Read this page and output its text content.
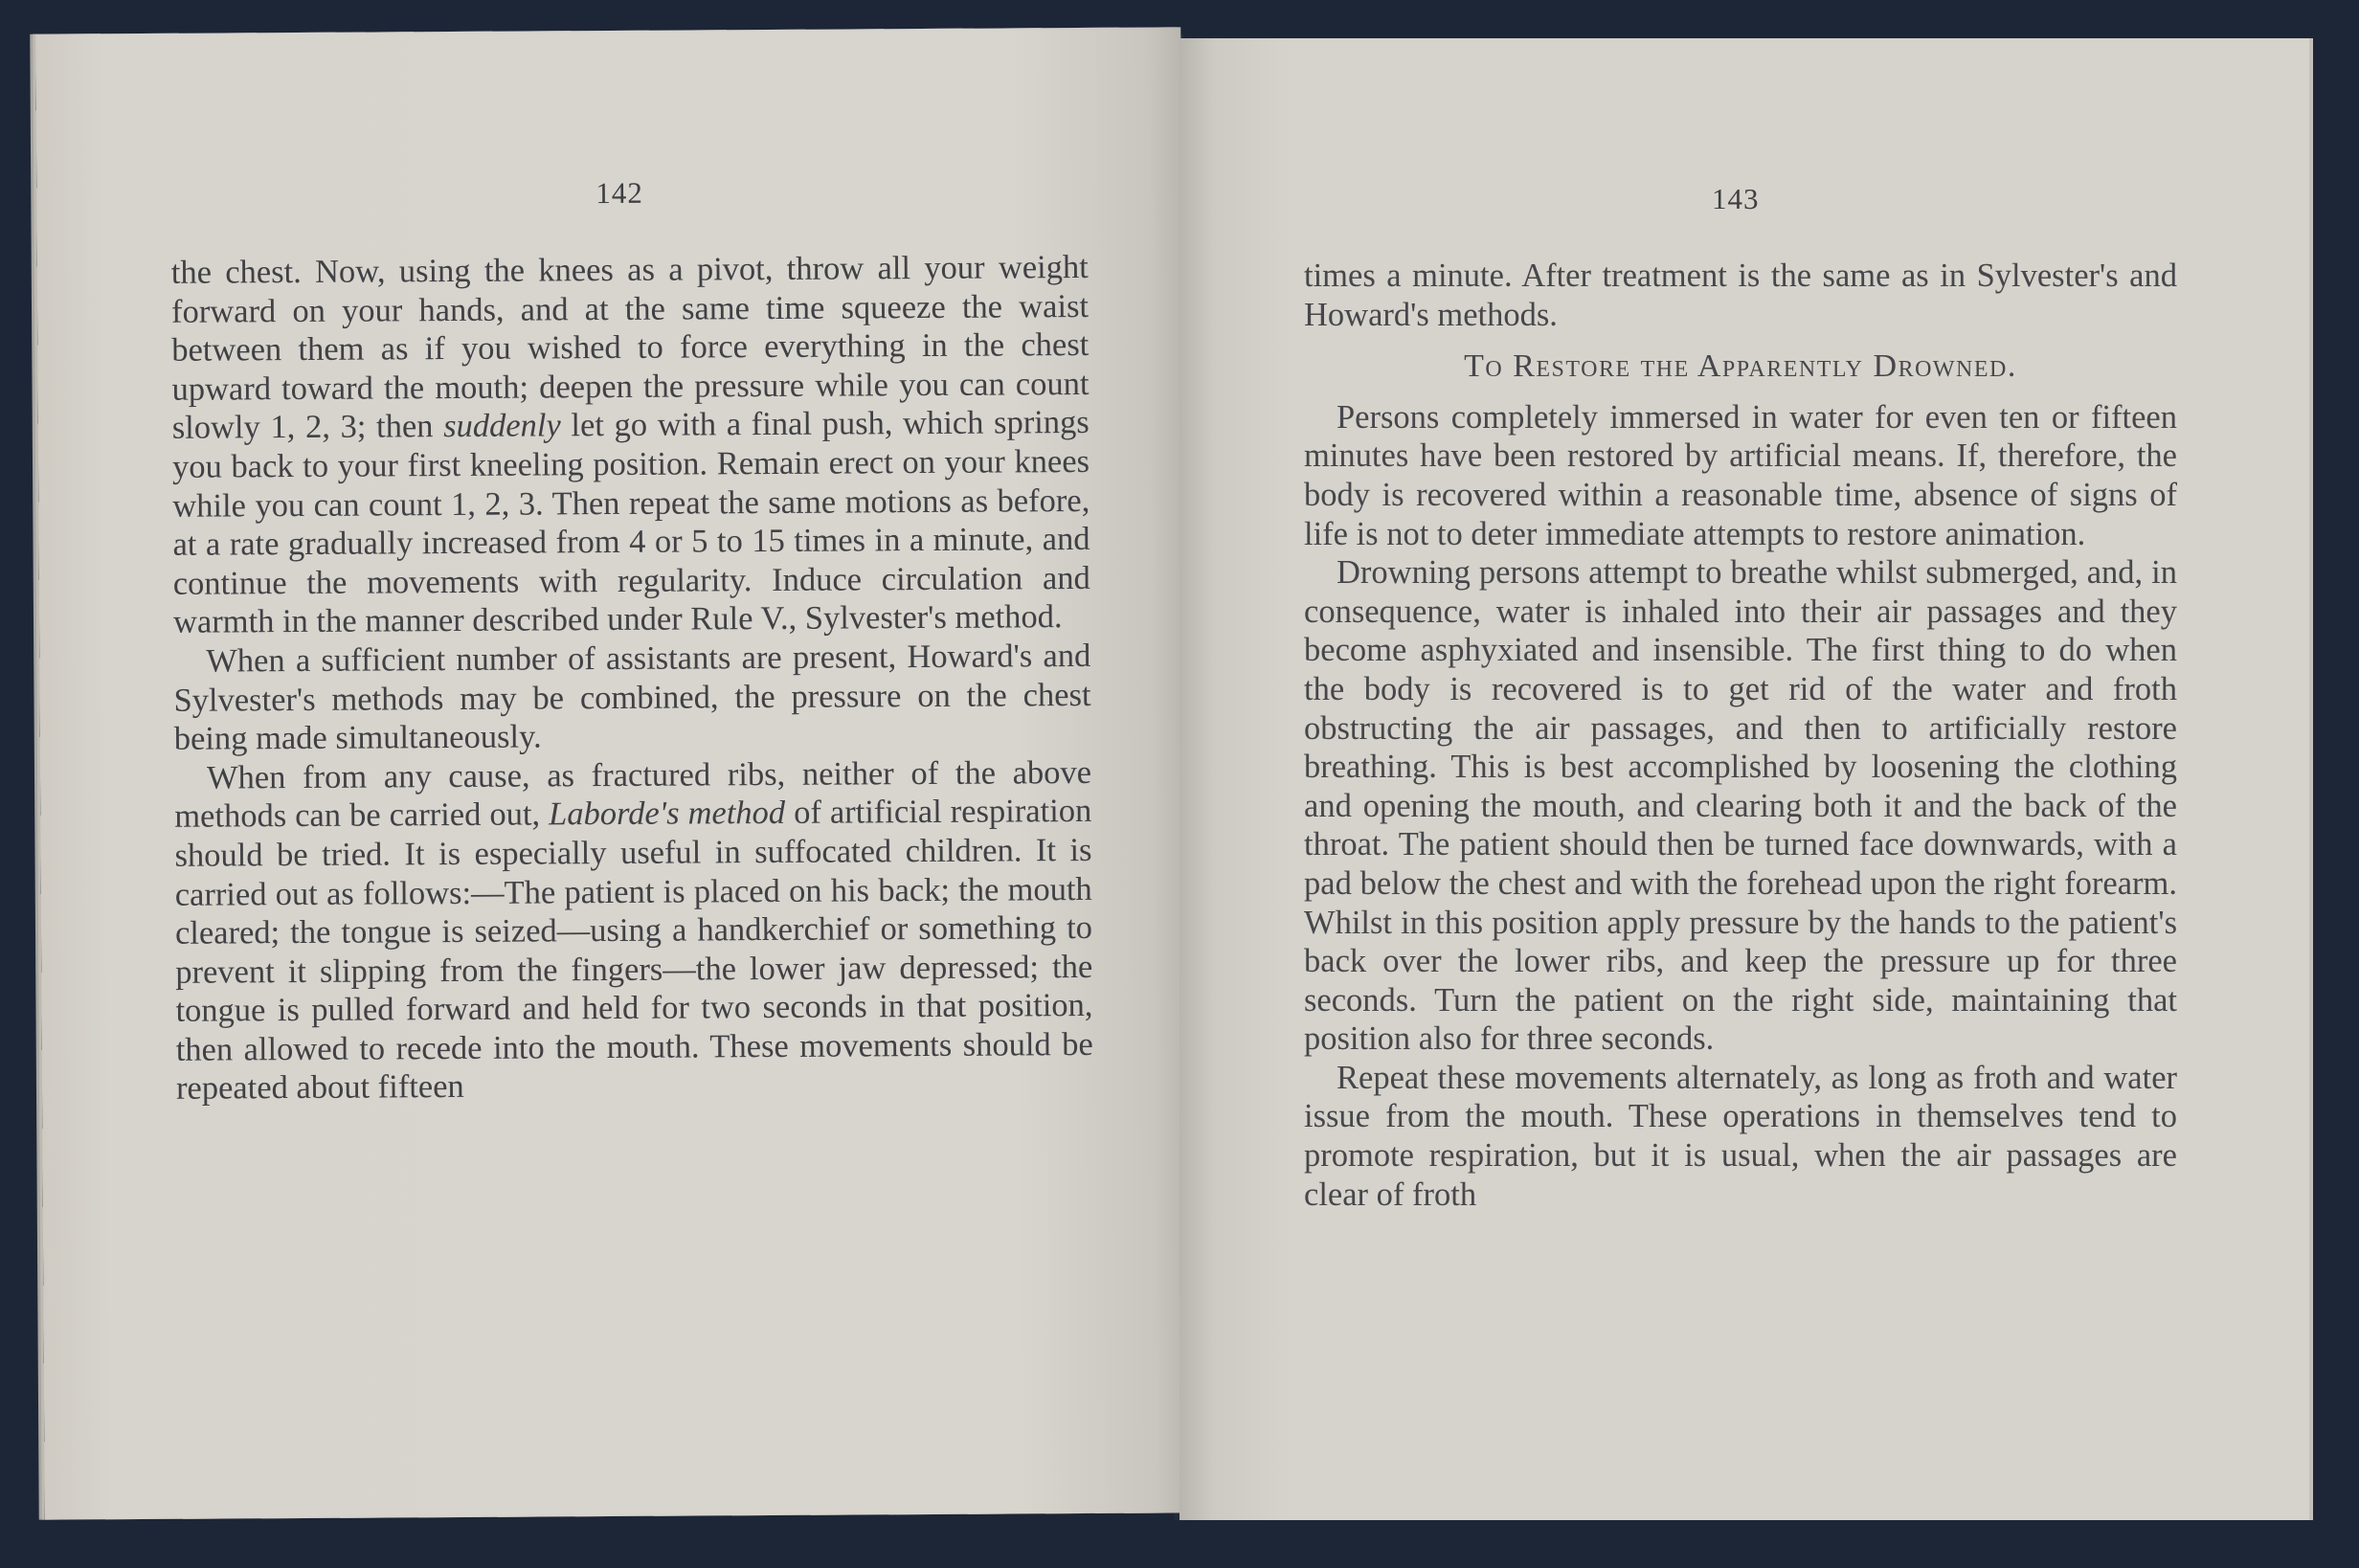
142

the chest. Now, using the knees as a pivot, throw all your weight forward on your hands, and at the same time squeeze the waist between them as if you wished to force everything in the chest upward toward the mouth; deepen the pressure while you can count slowly 1, 2, 3; then suddenly let go with a final push, which springs you back to your first kneeling position. Remain erect on your knees while you can count 1, 2, 3. Then repeat the same motions as before, at a rate gradually increased from 4 or 5 to 15 times in a minute, and continue the movements with regularity. Induce circulation and warmth in the manner described under Rule V., Sylvester's method.

When a sufficient number of assistants are present, Howard's and Sylvester's methods may be combined, the pressure on the chest being made simultaneously.

When from any cause, as fractured ribs, neither of the above methods can be carried out, Laborde's method of artificial respiration should be tried. It is especially useful in suffocated children. It is carried out as follows:—The patient is placed on his back; the mouth cleared; the tongue is seized—using a handkerchief or something to prevent it slipping from the fingers—the lower jaw depressed; the tongue is pulled forward and held for two seconds in that position, then allowed to recede into the mouth. These movements should be repeated about fifteen

143

times a minute. After treatment is the same as in Sylvester's and Howard's methods.

To Restore the Apparently Drowned.

Persons completely immersed in water for even ten or fifteen minutes have been restored by artificial means. If, therefore, the body is recovered within a reasonable time, absence of signs of life is not to deter immediate attempts to restore animation.

Drowning persons attempt to breathe whilst submerged, and, in consequence, water is inhaled into their air passages and they become asphyxiated and insensible. The first thing to do when the body is recovered is to get rid of the water and froth obstructing the air passages, and then to artificially restore breathing. This is best accomplished by loosening the clothing and opening the mouth, and clearing both it and the back of the throat. The patient should then be turned face downwards, with a pad below the chest and with the forehead upon the right forearm. Whilst in this position apply pressure by the hands to the patient's back over the lower ribs, and keep the pressure up for three seconds. Turn the patient on the right side, maintaining that position also for three seconds.

Repeat these movements alternately, as long as froth and water issue from the mouth. These operations in themselves tend to promote respiration, but it is usual, when the air passages are clear of froth
